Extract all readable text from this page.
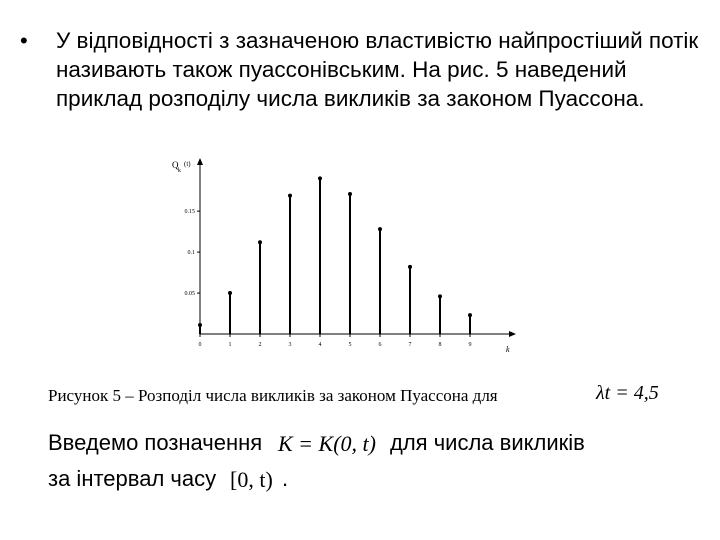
• У відповідності з зазначеною властивістю найпростіший потік називають також пуассонівським. На рис. 5 наведений приклад розподілу числа викликів за законом Пуассона.
Q
k
(t)
k
0.05
0.1
0.15
0	1	2	3	4	5	6	7	8	9
Рисунок 5 – Розподіл числа викликів за законом Пуассона для	λt = 4,5
Введемо позначення K = K(0, t) для числа викликів
за інтервал часу [0, t) .
